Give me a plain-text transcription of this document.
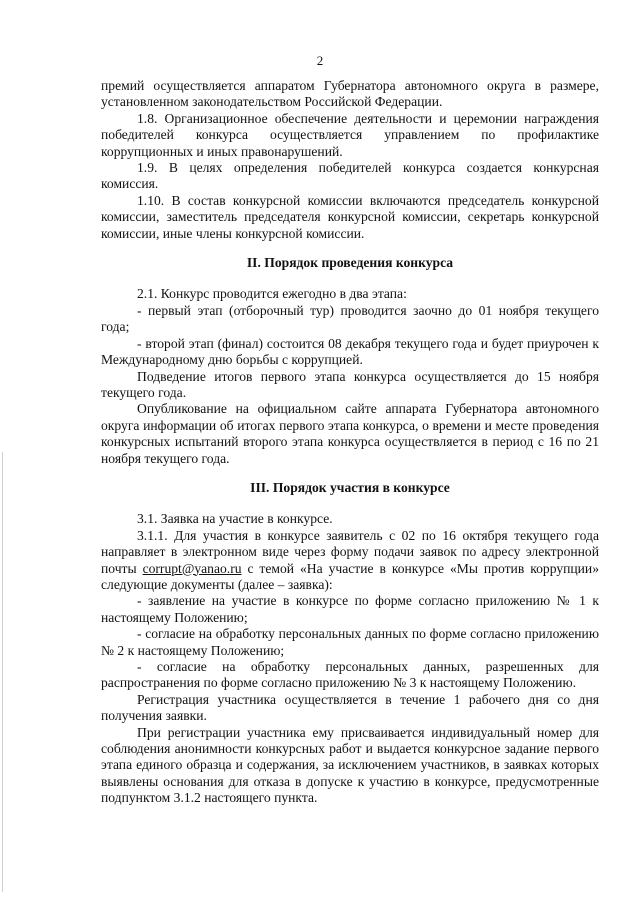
2

премий осуществляется аппаратом Губернатора автономного округа в размере, установленном законодательством Российской Федерации.

1.8. Организационное обеспечение деятельности и церемонии награждения победителей конкурса осуществляется управлением по профилактике коррупционных и иных правонарушений.

1.9. В целях определения победителей конкурса создается конкурсная комиссия.

1.10. В состав конкурсной комиссии включаются председатель конкурсной комиссии, заместитель председателя конкурсной комиссии, секретарь конкурсной комиссии, иные члены конкурсной комиссии.

II. Порядок проведения конкурса

2.1. Конкурс проводится ежегодно в два этапа:

- первый этап (отборочный тур) проводится заочно до 01 ноября текущего года;

- второй этап (финал) состоится 08 декабря текущего года и будет приурочен к Международному дню борьбы с коррупцией.

Подведение итогов первого этапа конкурса осуществляется до 15 ноября текущего года.

Опубликование на официальном сайте аппарата Губернатора автономного округа информации об итогах первого этапа конкурса, о времени и месте проведения конкурсных испытаний второго этапа конкурса осуществляется в период с 16 по 21 ноября текущего года.

III. Порядок участия в конкурсе

3.1. Заявка на участие в конкурсе.

3.1.1. Для участия в конкурсе заявитель с 02 по 16 октября текущего года направляет в электронном виде через форму подачи заявок по адресу электронной почты corrupt@yanao.ru с темой «На участие в конкурсе «Мы против коррупции» следующие документы (далее – заявка):

- заявление на участие в конкурсе по форме согласно приложению № 1 к настоящему Положению;

- согласие на обработку персональных данных по форме согласно приложению № 2 к настоящему Положению;

- согласие на обработку персональных данных, разрешенных для распространения по форме согласно приложению № 3 к настоящему Положению.

Регистрация участника осуществляется в течение 1 рабочего дня со дня получения заявки.

При регистрации участника ему присваивается индивидуальный номер для соблюдения анонимности конкурсных работ и выдается конкурсное задание первого этапа единого образца и содержания, за исключением участников, в заявках которых выявлены основания для отказа в допуске к участию в конкурсе, предусмотренные подпунктом 3.1.2 настоящего пункта.
